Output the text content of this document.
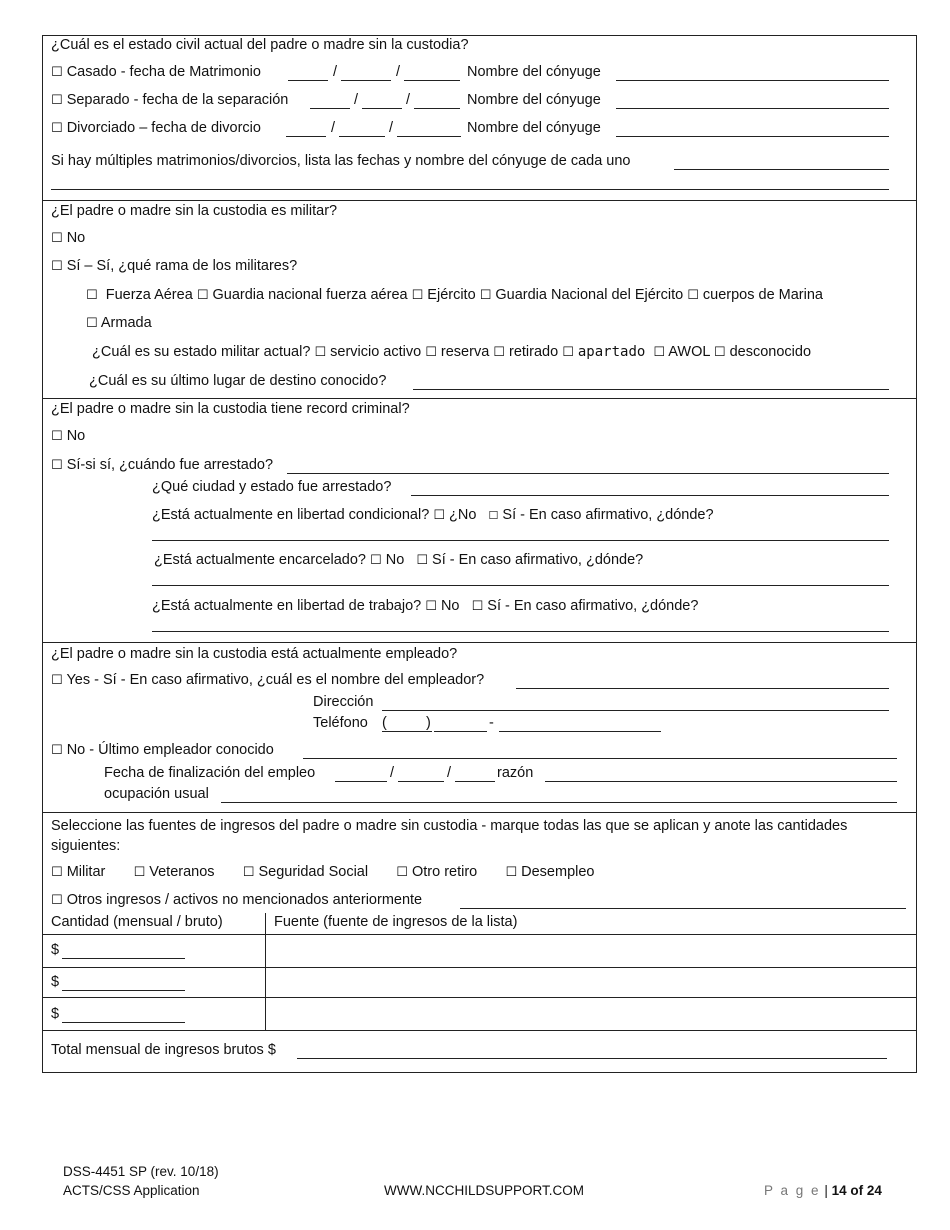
¿Cuál es el estado civil actual del padre o madre sin la custodia?
☐ Casado - fecha de Matrimonio	/	/	Nombre del cónyuge
☐ Separado - fecha de la separación	/	/	Nombre del cónyuge
☐ Divorciado – fecha de divorcio	/	/	Nombre del cónyuge
Si hay múltiples matrimonios/divorcios, lista las fechas y nombre del cónyuge de cada uno
¿El padre o madre sin la custodia es militar?
☐ No
☐ Sí – Sí, ¿qué rama de los militares?
☐ Fuerza Aérea ☐ Guardia nacional fuerza aérea ☐ Ejército ☐ Guardia Nacional del Ejército ☐ cuerpos de Marina
☐ Armada
¿Cuál es su estado militar actual? ☐ servicio activo ☐ reserva ☐ retirado ☐ apartado ☐ AWOL ☐ desconocido
¿Cuál es su último lugar de destino conocido?
¿El padre o madre sin la custodia tiene record criminal?
☐ No
☐ Sí-si sí, ¿cuándo fue arrestado?
¿Qué ciudad y estado fue arrestado?
¿Está actualmente en libertad condicional? ☐ ¿No ☐ Sí - En caso afirmativo, ¿dónde?
¿Está actualmente encarcelado? ☐ No ☐ Sí - En caso afirmativo, ¿dónde?
¿Está actualmente en libertad de trabajo? ☐ No ☐ Sí - En caso afirmativo, ¿dónde?
¿El padre o madre sin la custodia está actualmente empleado?
☐ Yes - Sí - En caso afirmativo, ¿cuál es el nombre del empleador?
Dirección
Teléfono (	)	-
☐ No - Último empleador conocido
Fecha de finalización del empleo	/	/	razón
ocupación usual
Seleccione las fuentes de ingresos del padre o madre sin custodia - marque todas las que se aplican y anote las cantidades siguientes:
☐ Militar ☐ Veteranos ☐ Seguridad Social ☐ Otro retiro ☐ Desempleo
☐ Otros ingresos / activos no mencionados anteriormente
Cantidad (mensual / bruto)	Fuente (fuente de ingresos de la lista)
$
$
$
Total mensual de ingresos brutos $
DSS-4451 SP (rev. 10/18)
ACTS/CSS Application	WWW.NCCHILDSUPPORT.COM	P a g e | 14 of 24
